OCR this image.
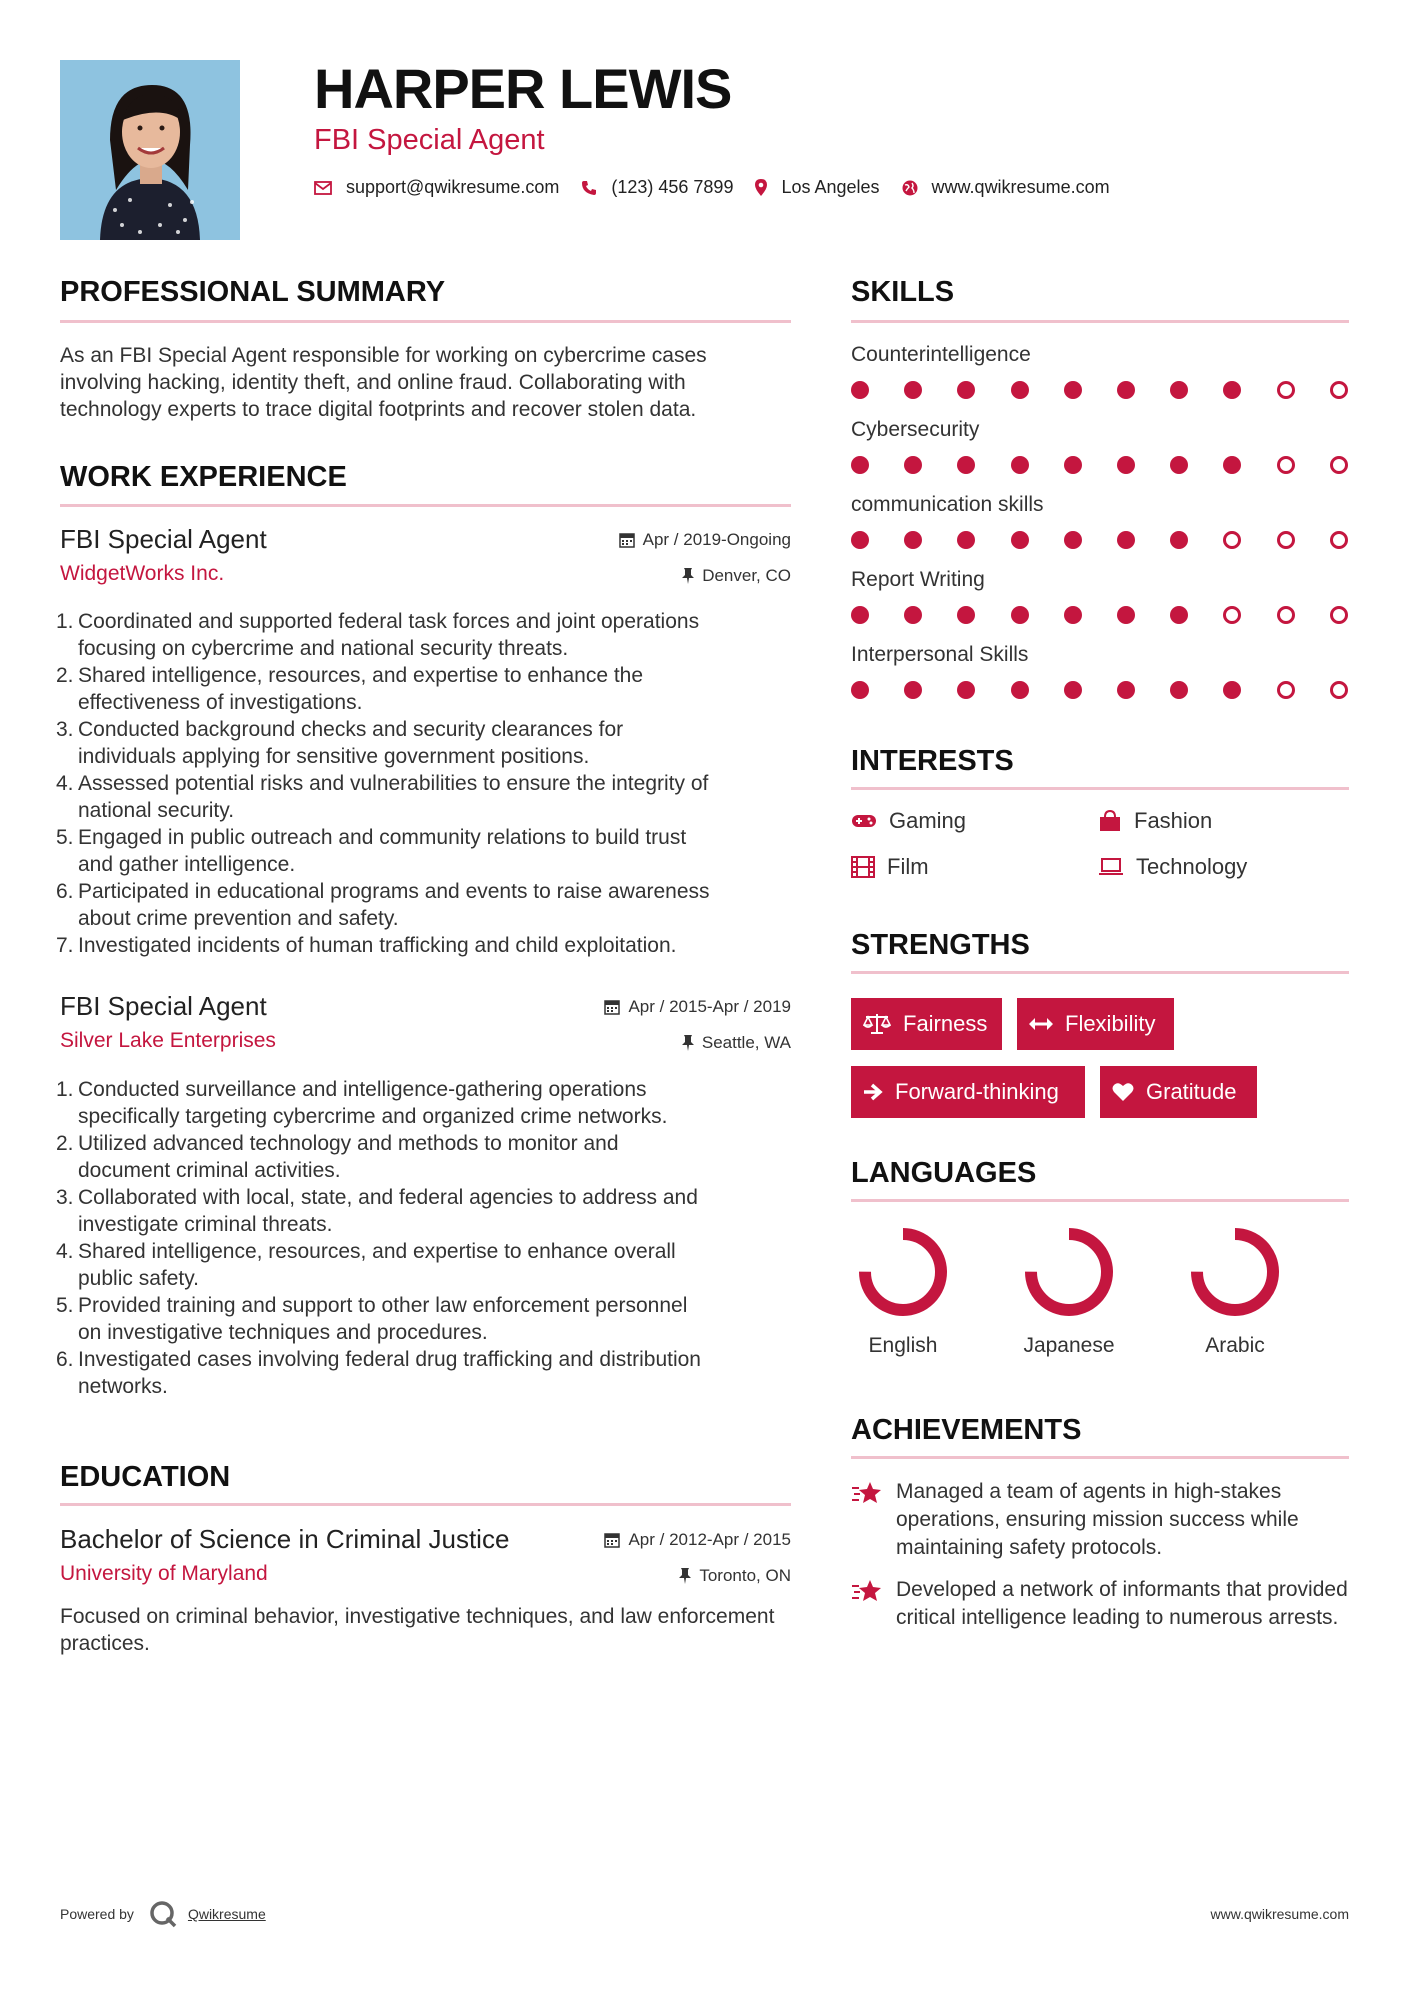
HARPER LEWIS
FBI Special Agent
support@qwikresume.com	(123) 456 7899	Los Angeles	www.qwikresume.com
PROFESSIONAL SUMMARY
As an FBI Special Agent responsible for working on cybercrime cases involving hacking, identity theft, and online fraud. Collaborating with technology experts to trace digital footprints and recover stolen data.
WORK EXPERIENCE
FBI Special Agent	Apr / 2019-Ongoing
WidgetWorks Inc.	Denver, CO
1. Coordinated and supported federal task forces and joint operations
focusing on cybercrime and national security threats.
2. Shared intelligence, resources, and expertise to enhance the
effectiveness of investigations.
3. Conducted background checks and security clearances for
individuals applying for sensitive government positions.
4. Assessed potential risks and vulnerabilities to ensure the integrity of
national security.
5. Engaged in public outreach and community relations to build trust
and gather intelligence.
6. Participated in educational programs and events to raise awareness
about crime prevention and safety.
7. Investigated incidents of human trafficking and child exploitation.
FBI Special Agent	Apr / 2015-Apr / 2019
Silver Lake Enterprises	Seattle, WA
1. Conducted surveillance and intelligence-gathering operations
specifically targeting cybercrime and organized crime networks.
2. Utilized advanced technology and methods to monitor and
document criminal activities.
3. Collaborated with local, state, and federal agencies to address and
investigate criminal threats.
4. Shared intelligence, resources, and expertise to enhance overall
public safety.
5. Provided training and support to other law enforcement personnel
on investigative techniques and procedures.
6. Investigated cases involving federal drug trafficking and distribution
networks.
EDUCATION
Bachelor of Science in Criminal Justice	Apr / 2012-Apr / 2015
University of Maryland	Toronto, ON
Focused on criminal behavior, investigative techniques, and law enforcement practices.
SKILLS
Counterintelligence
Cybersecurity
communication skills
Report Writing
Interpersonal Skills
INTERESTS
Gaming	Fashion
Film	Technology
STRENGTHS
Fairness	Flexibility
Forward-thinking	Gratitude
LANGUAGES
English	Japanese	Arabic
ACHIEVEMENTS
Managed a team of agents in high-stakes operations, ensuring mission success while maintaining safety protocols.
Developed a network of informants that provided critical intelligence leading to numerous arrests.
Powered by	Qwikresume	www.qwikresume.com
